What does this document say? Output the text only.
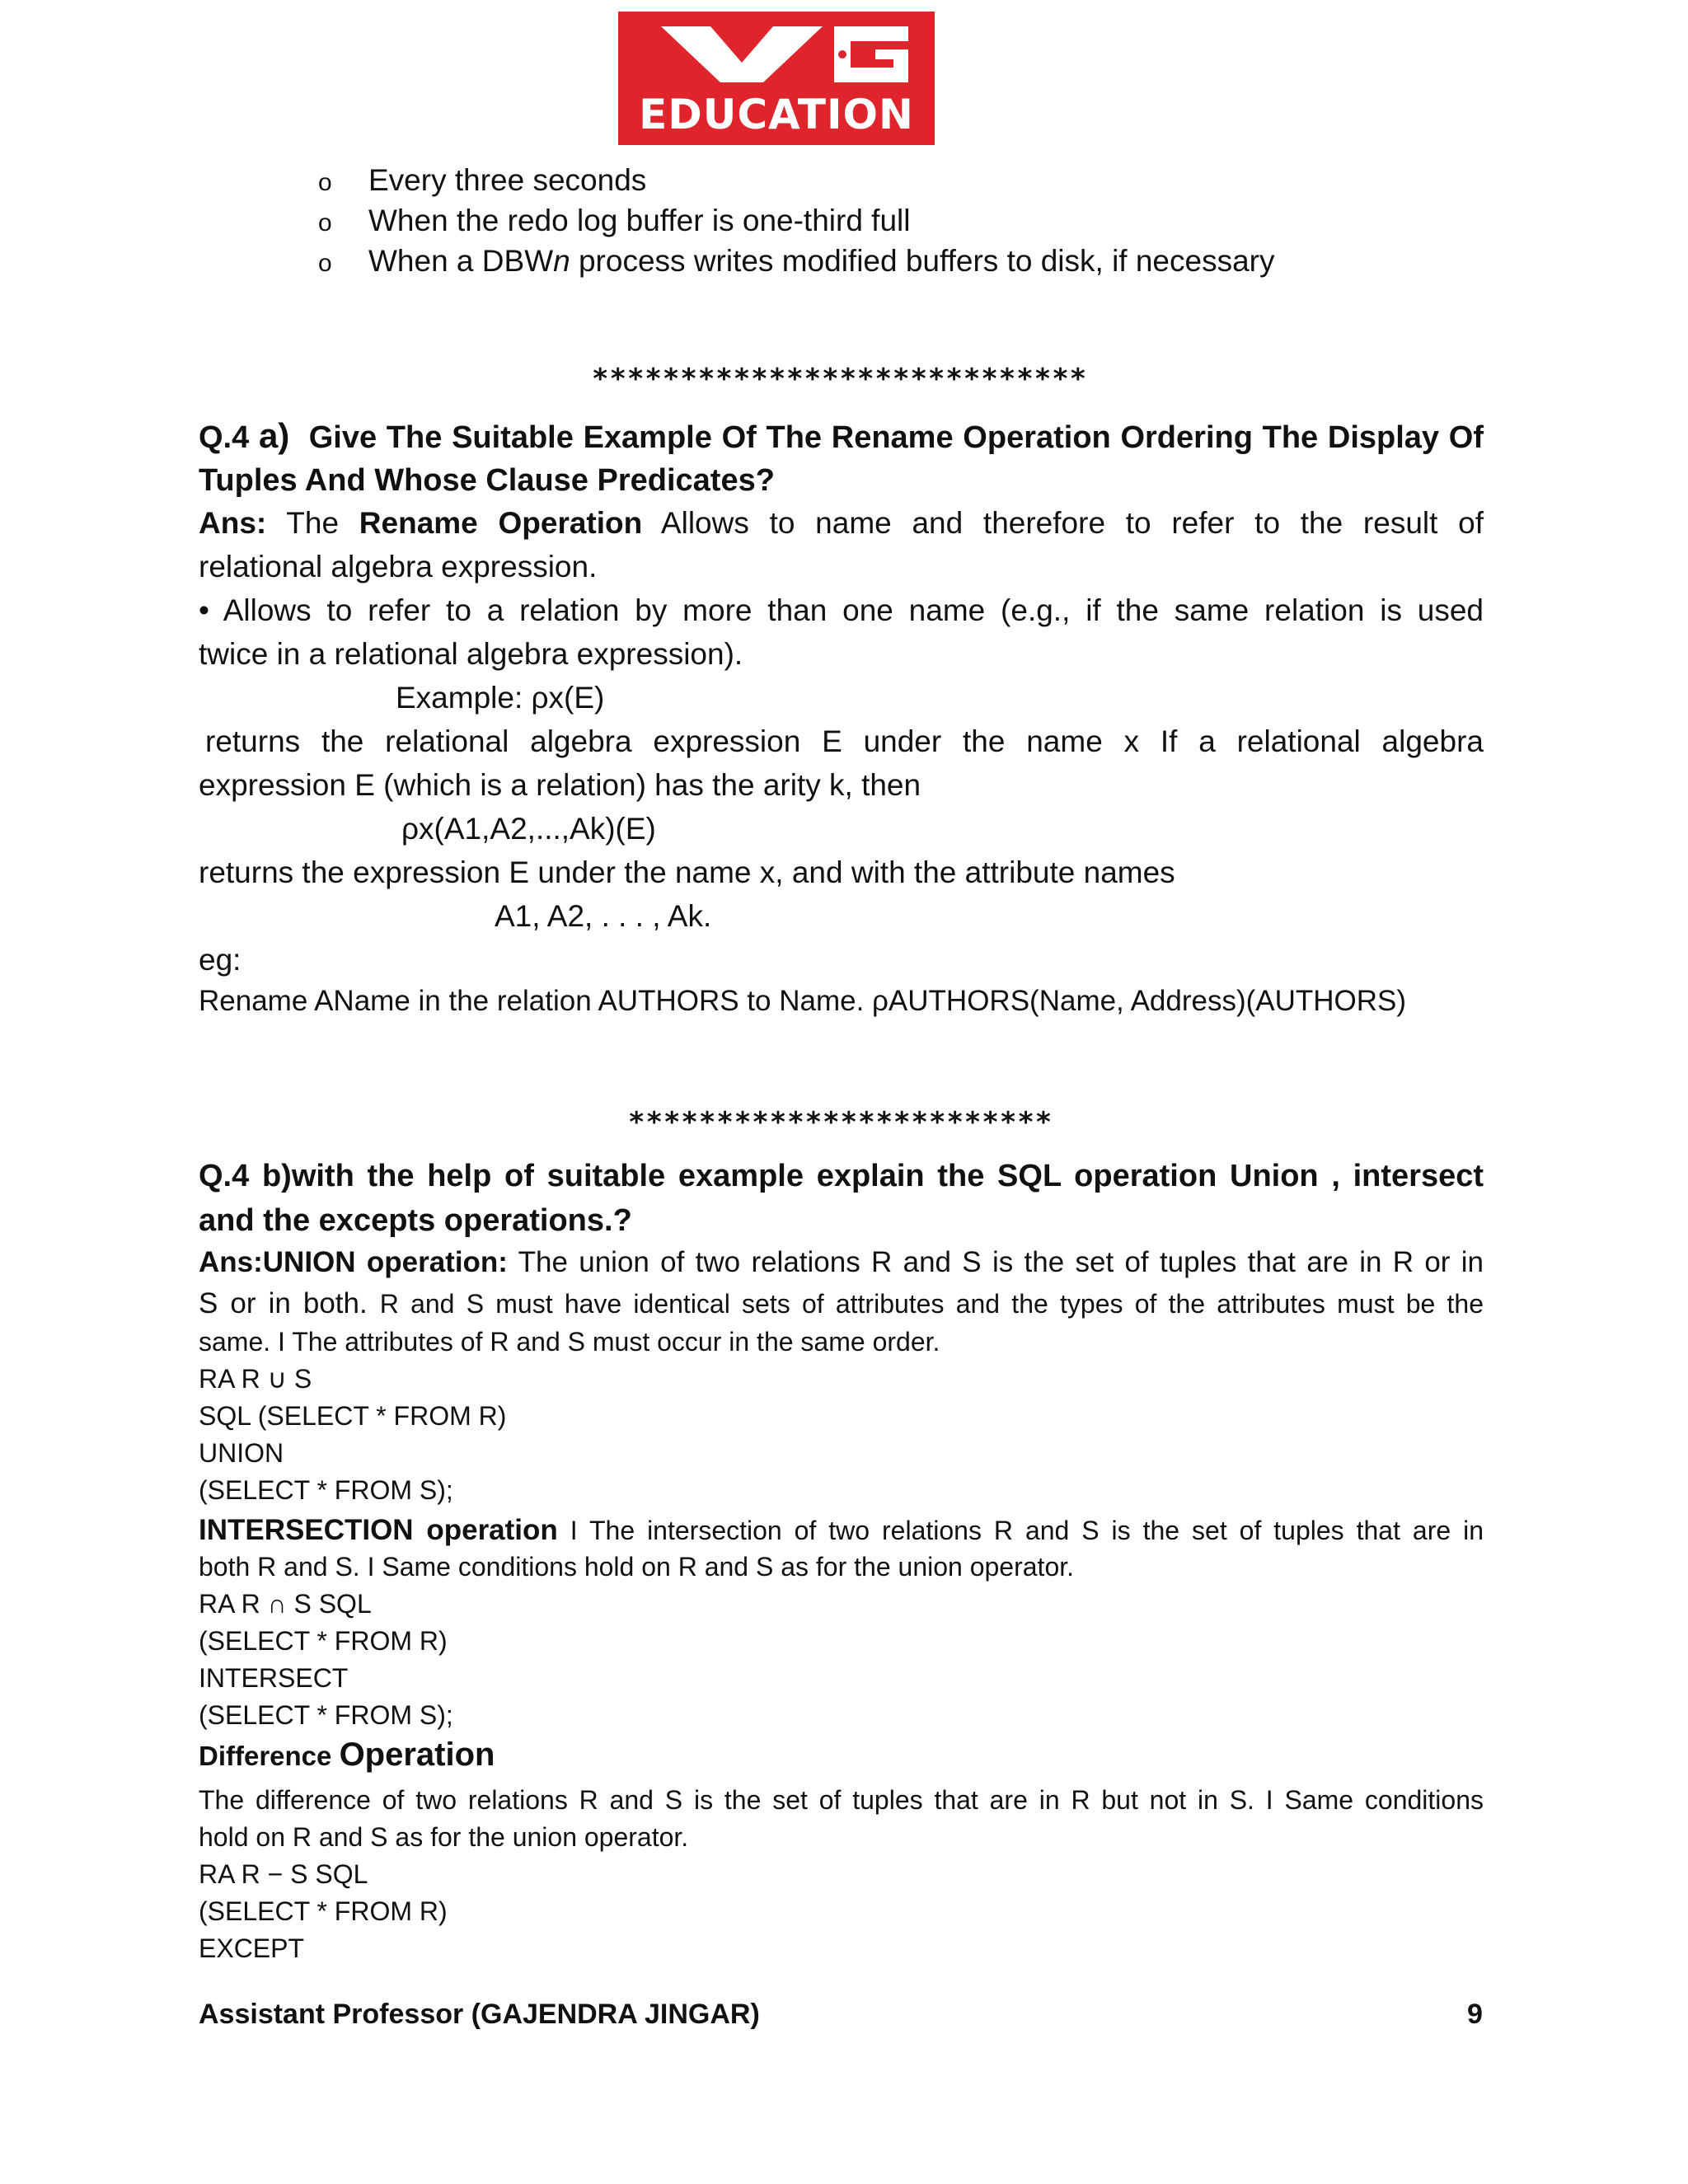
EDUCATION
o Every three seconds
o When the redo log buffer is one-third full
o When a DBWn process writes modified buffers to disk, if necessary
****************************
Q.4 a) Give The Suitable Example Of The Rename Operation Ordering The Display Of
Tuples And Whose Clause Predicates?
Ans: The Rename Operation Allows to name and therefore to refer to the result of
relational algebra expression.
• Allows to refer to a relation by more than one name (e.g., if the same relation is used
twice in a relational algebra expression).
Example: ρx(E)
returns the relational algebra expression E under the name x If a relational algebra
expression E (which is a relation) has the arity k, then
ρx(A1,A2,...,Ak)(E)
returns the expression E under the name x, and with the attribute names
A1, A2, . . . , Ak.
eg:
Rename AName in the relation AUTHORS to Name. ρAUTHORS(Name, Address)(AUTHORS)
************************
Q.4 b)with the help of suitable example explain the SQL operation Union , intersect
and the excepts operations.?
Ans:UNION operation: The union of two relations R and S is the set of tuples that are in R or in
S or in both. R and S must have identical sets of attributes and the types of the attributes must be the
same. I The attributes of R and S must occur in the same order.
RA R ∪ S
SQL (SELECT * FROM R)
UNION
(SELECT * FROM S);
INTERSECTION operation I The intersection of two relations R and S is the set of tuples that are in
both R and S. I Same conditions hold on R and S as for the union operator.
RA R ∩ S SQL
(SELECT * FROM R)
INTERSECT
(SELECT * FROM S);
Difference Operation
The difference of two relations R and S is the set of tuples that are in R but not in S. I Same conditions
hold on R and S as for the union operator.
RA R − S SQL
(SELECT * FROM R)
EXCEPT
Assistant Professor (GAJENDRA JINGAR)	9
